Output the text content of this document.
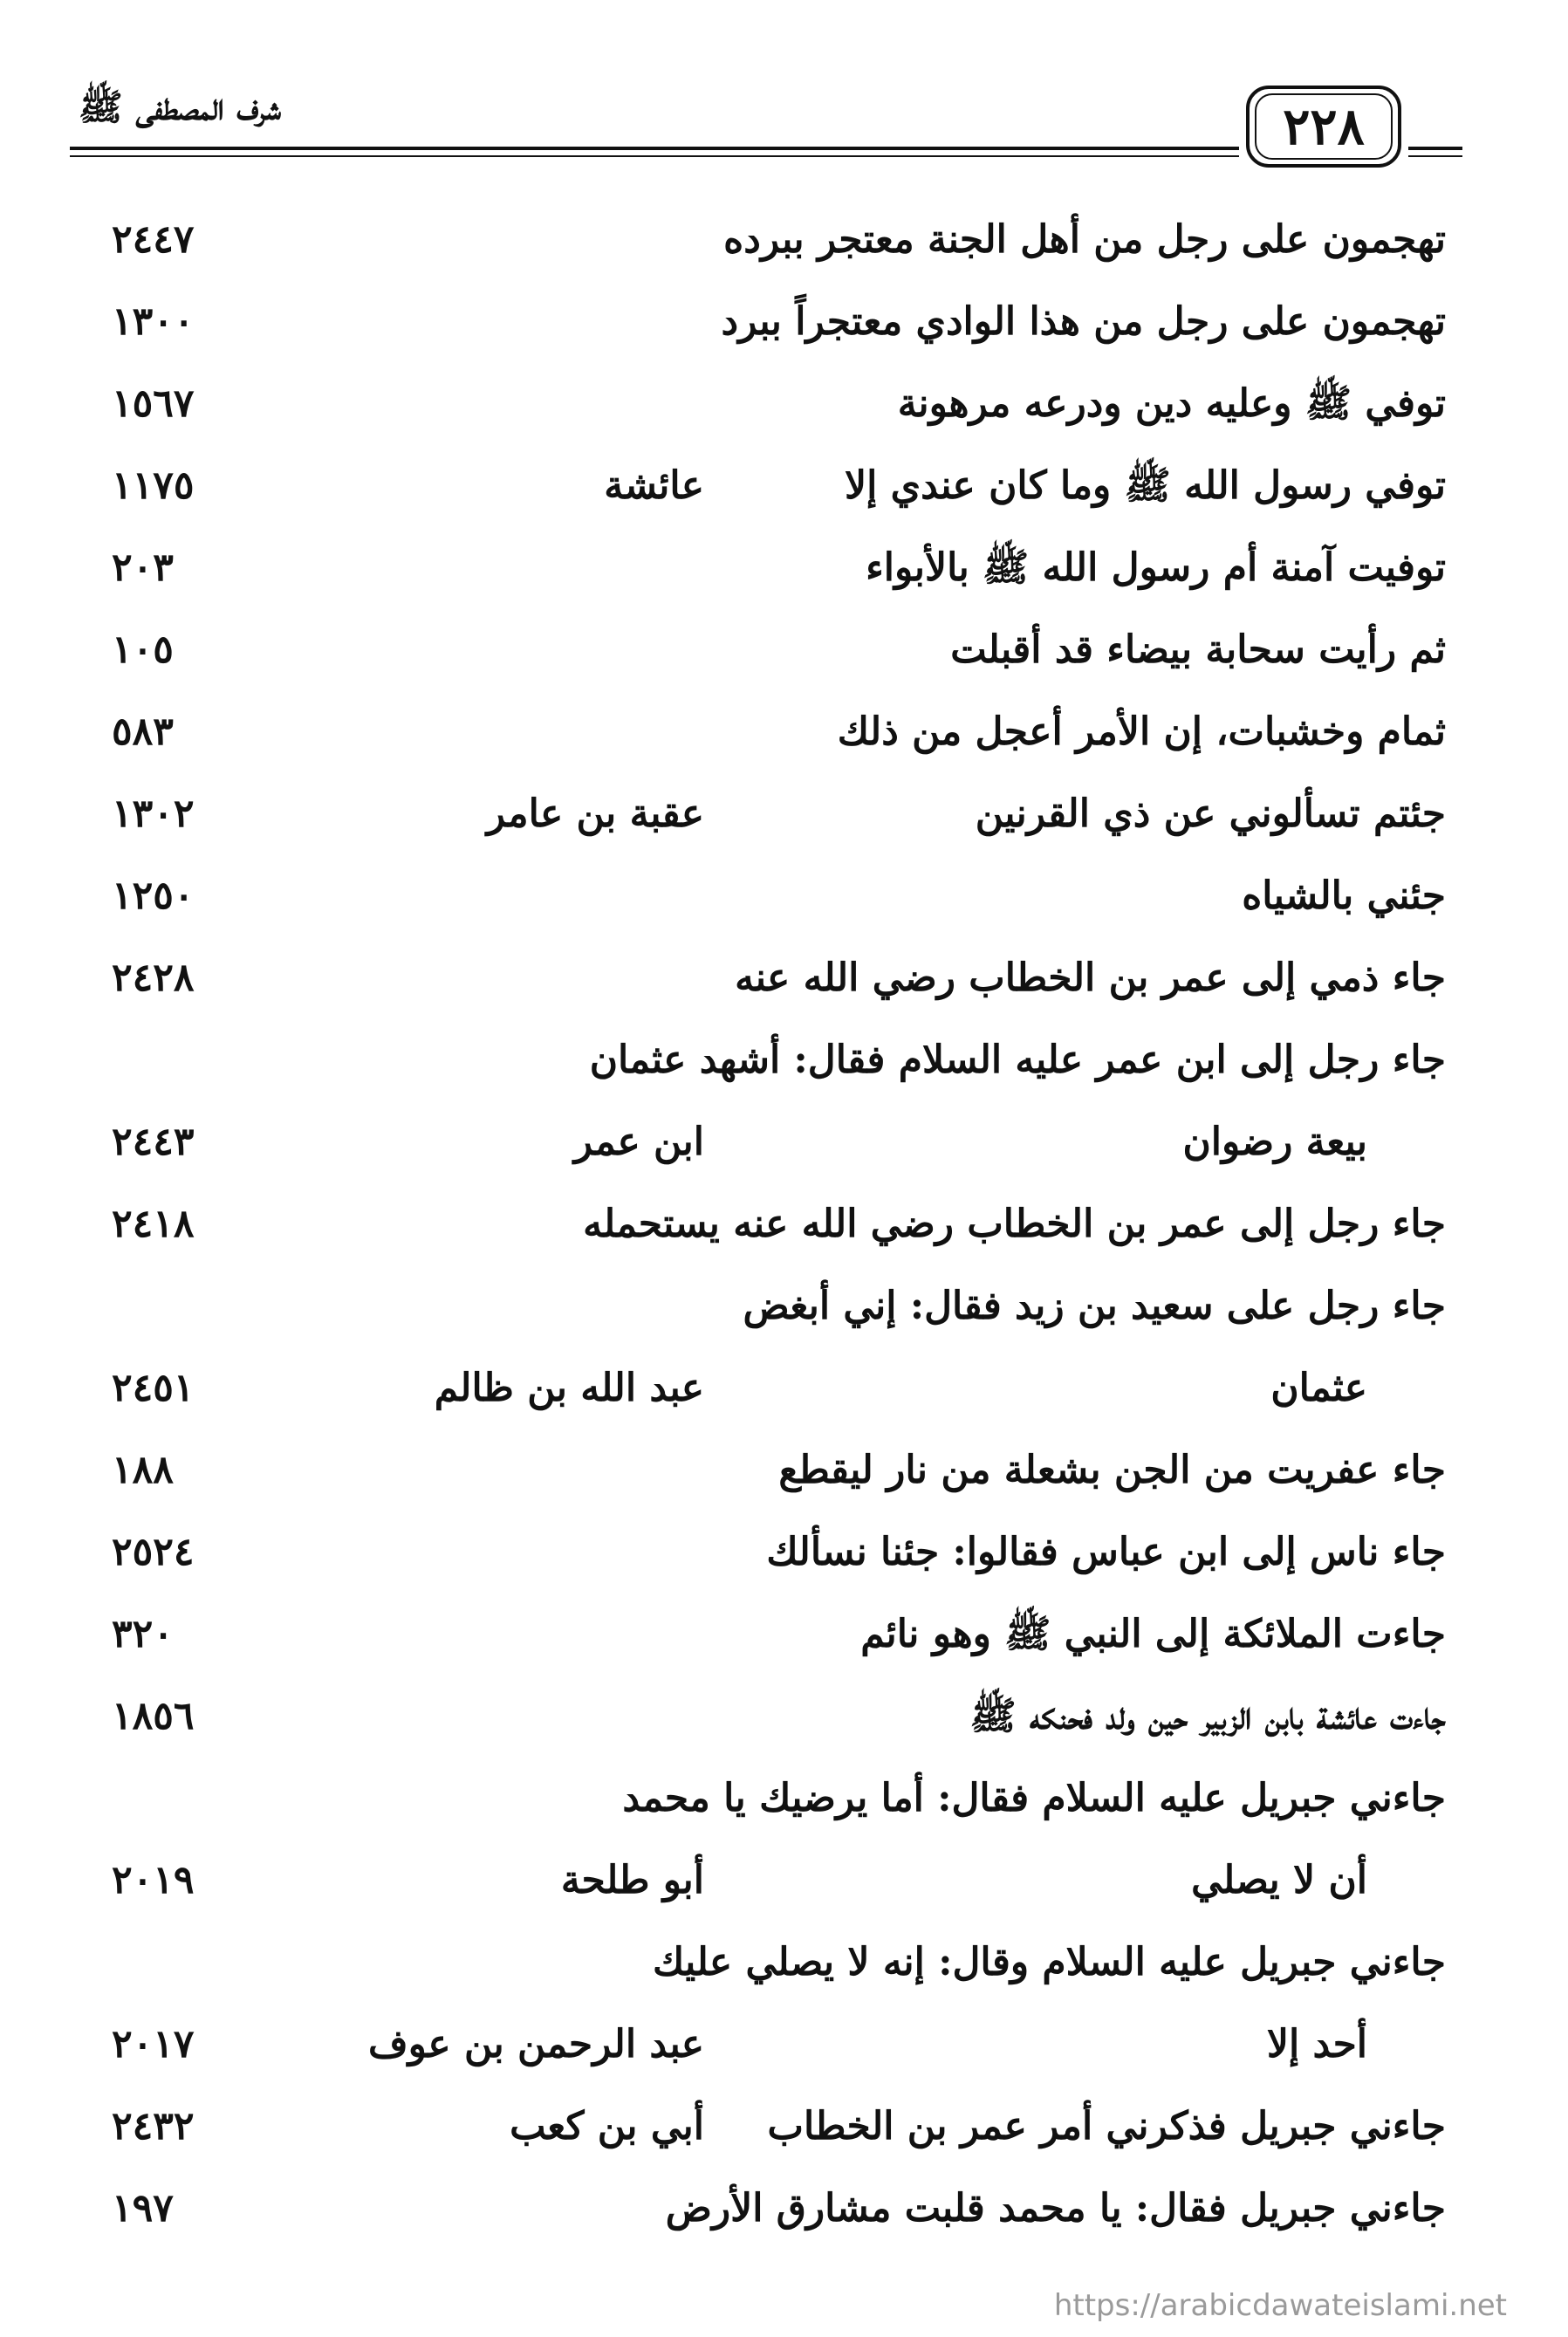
شرف المصطفى ﷺ	٢٢٨
تهجمون على رجل من أهل الجنة معتجر ببرده
٢٤٤٧
تهجمون على رجل من هذا الوادي معتجراً ببرد
١٣٠٠
توفي ﷺ وعليه دين ودرعه مرهونة
١٥٦٧
توفي رسول الله ﷺ وما كان عندي إلا
عائشة
١١٧٥
توفيت آمنة أم رسول الله ﷺ بالأبواء
٢٠٣
ثم رأيت سحابة بيضاء قد أقبلت
١٠٥
ثمام وخشبات، إن الأمر أعجل من ذلك
٥٨٣
جئتم تسألوني عن ذي القرنين
عقبة بن عامر
١٣٠٢
جئني بالشياه
١٢٥٠
جاء ذمي إلى عمر بن الخطاب رضي الله عنه
٢٤٢٨
جاء رجل إلى ابن عمر عليه السلام فقال: أشهد عثمان
بيعة رضوان
ابن عمر
٢٤٤٣
جاء رجل إلى عمر بن الخطاب رضي الله عنه يستحمله
٢٤١٨
جاء رجل على سعيد بن زيد فقال: إني أبغض
عثمان
عبد الله بن ظالم
٢٤٥١
جاء عفريت من الجن بشعلة من نار ليقطع
١٨٨
جاء ناس إلى ابن عباس فقالوا: جئنا نسألك
٢٥٢٤
جاءت الملائكة إلى النبي ﷺ وهو نائم
٣٢٠
جاءت عائشة بابن الزبير حين ولد فحنكه ﷺ
١٨٥٦
جاءني جبريل عليه السلام فقال: أما يرضيك يا محمد
أن لا يصلي
أبو طلحة
٢٠١٩
جاءني جبريل عليه السلام وقال: إنه لا يصلي عليك
أحد إلا
عبد الرحمن بن عوف
٢٠١٧
جاءني جبريل فذكرني أمر عمر بن الخطاب
أبي بن كعب
٢٤٣٢
جاءني جبريل فقال: يا محمد قلبت مشارق الأرض
١٩٧
https://arabicdawateislami.net
